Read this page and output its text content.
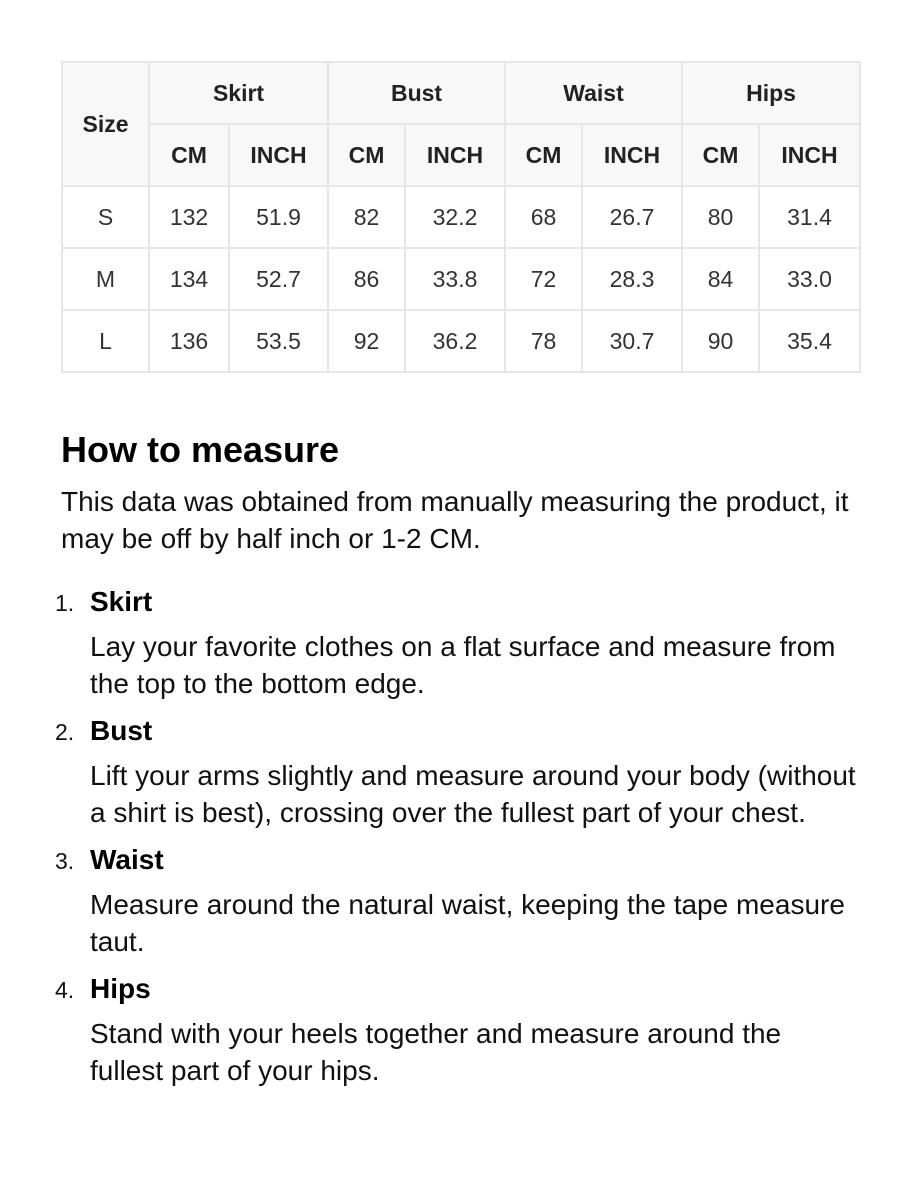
Size	Skirt		Bust		Waist		Hips	
	CM	INCH	CM	INCH	CM	INCH	CM	INCH
S	132	51.9	82	32.2	68	26.7	80	31.4
M	134	52.7	86	33.8	72	28.3	84	33.0
L	136	53.5	92	36.2	78	30.7	90	35.4
How to measure

This data was obtained from manually measuring the product, it may be off by half inch or 1-2 CM.

1. Skirt
Lay your favorite clothes on a flat surface and measure from the top to the bottom edge.
2. Bust
Lift your arms slightly and measure around your body (without a shirt is best), crossing over the fullest part of your chest.
3. Waist
Measure around the natural waist, keeping the tape measure taut.
4. Hips
Stand with your heels together and measure around the fullest part of your hips.
